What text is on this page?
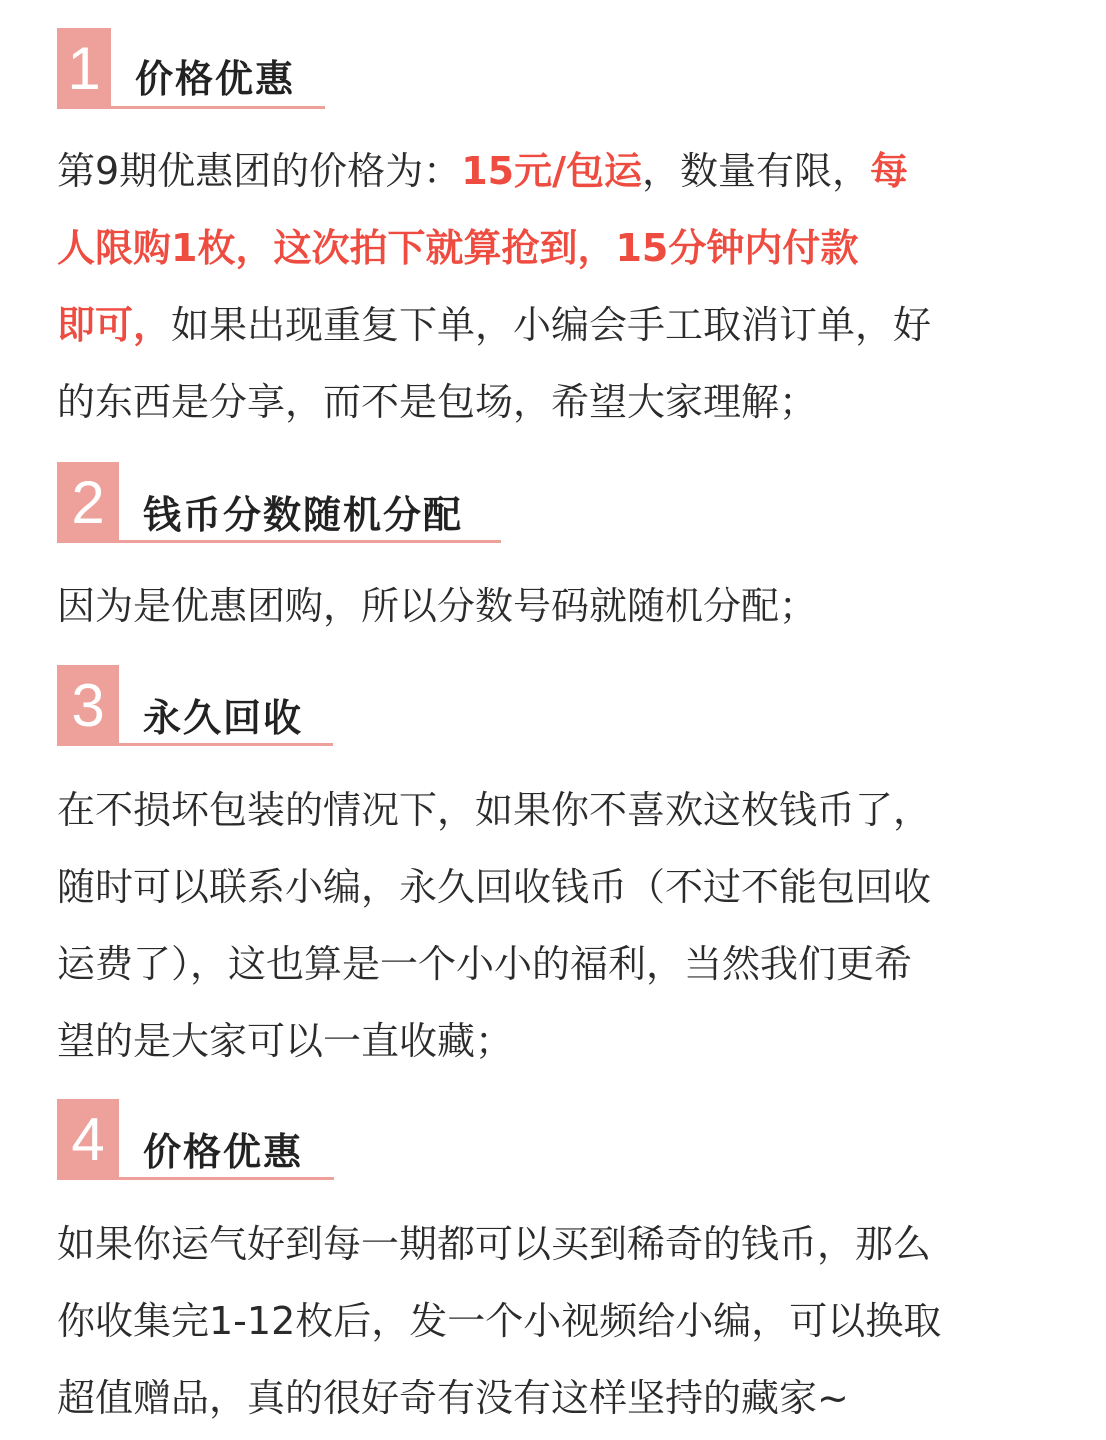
1 价格优惠
第9期优惠团的价格为：15元/包运，数量有限，每
人限购1枚，这次拍下就算抢到，15分钟内付款
即可，如果出现重复下单，小编会手工取消订单，好
的东西是分享，而不是包场，希望大家理解；
2 钱币分数随机分配
因为是优惠团购，所以分数号码就随机分配；
3 永久回收
在不损坏包装的情况下，如果你不喜欢这枚钱币了，
随时可以联系小编，永久回收钱币（不过不能包回收
运费了），这也算是一个小小的福利，当然我们更希
望的是大家可以一直收藏；
4 价格优惠
如果你运气好到每一期都可以买到稀奇的钱币，那么
你收集完1-12枚后，发一个小视频给小编，可以换取
超值赠品，真的很好奇有没有这样坚持的藏家~
